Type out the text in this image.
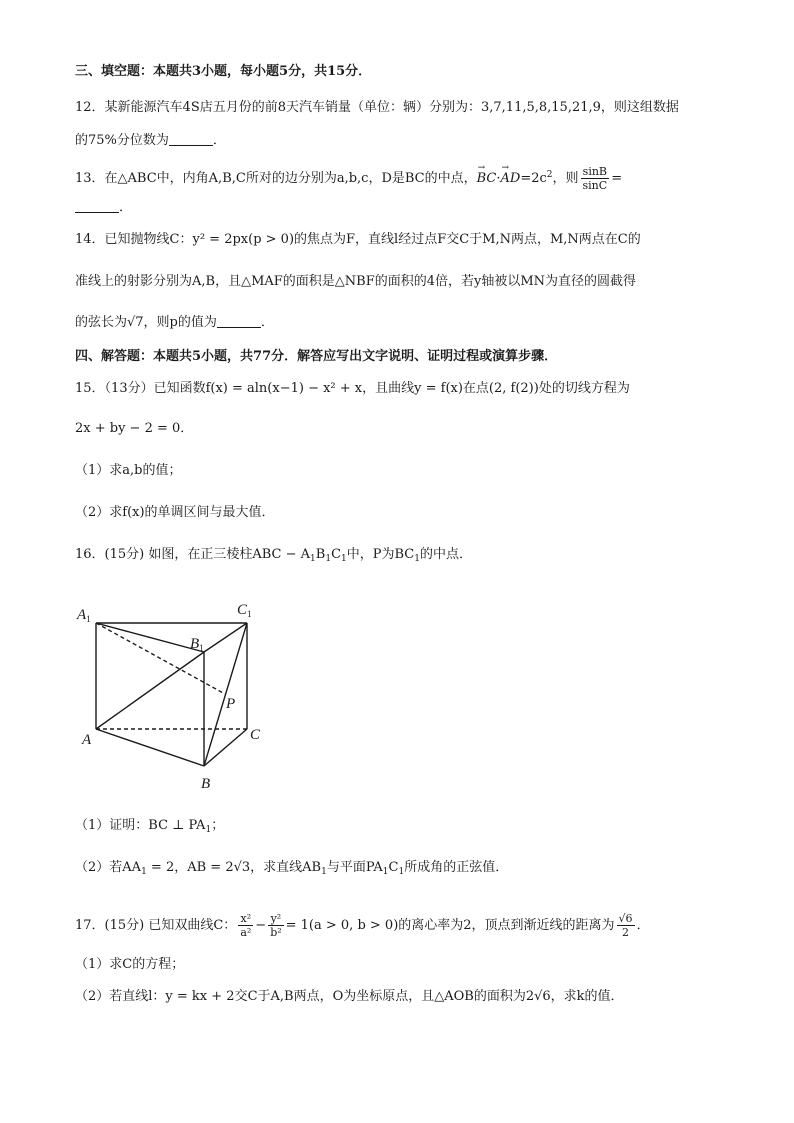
三、填空题：本题共3小题，每小题5分，共15分．
12．某新能源汽车4S店五月份的前8天汽车销量（单位：辆）分别为：3,7,11,5,8,15,21,9，则这组数据
的75%分位数为	．
13．在△ABC中，内角A,B,C所对的边分别为a,b,c，D是BC的中点，→ $BC\cdot\to AD=2c^2$，则 $\frac{\sin B}{\sin C}$ =
．
14．已知抛物线C：y² = 2px(p > 0)的焦点为F，直线l经过点F交C于M,N两点，M,N两点在C的
准线上的射影分别为A,B，且△MAF的面积是△NBF的面积的4倍，若y轴被以MN为直径的圆截得
的弦长为√7，则p的值为	．
四、解答题：本题共5小题，共77分．解答应写出文字说明、证明过程或演算步骤．
15．（13分）已知函数f(x) = aln(x−1) − x² + x，且曲线y = f(x)在点(2, f(2))处的切线方程为
2x + by − 2 = 0．
（1）求a,b的值；
（2）求f(x)的单调区间与最大值．
16．(15分) 如图，在正三棱柱ABC − $A_1B_1C_1$中，P为$BC_1$的中点．
$A_1$
$B_1$
$C_1$
P
A	C
B
（1）证明：BC ⊥ $PA_1$；
（2）若$AA_1 = 2$，AB = 2√3，求直线$AB_1$与平面$PA_1C_1$所成角的正弦值．
17．(15分) 已知双曲线C： $\frac{\text{x²}}{\text{a²}} - \frac{\text{y²}}{\text{b²}} = 1(a > 0$, b > 0)的离心率为2，顶点到渐近线的距离为 $\frac{√6}{2}$ ．
（1）求C的方程；
（2）若直线l：y = kx + 2交C于A,B两点，O为坐标原点，且△AOB的面积为2√6，求k的值．
